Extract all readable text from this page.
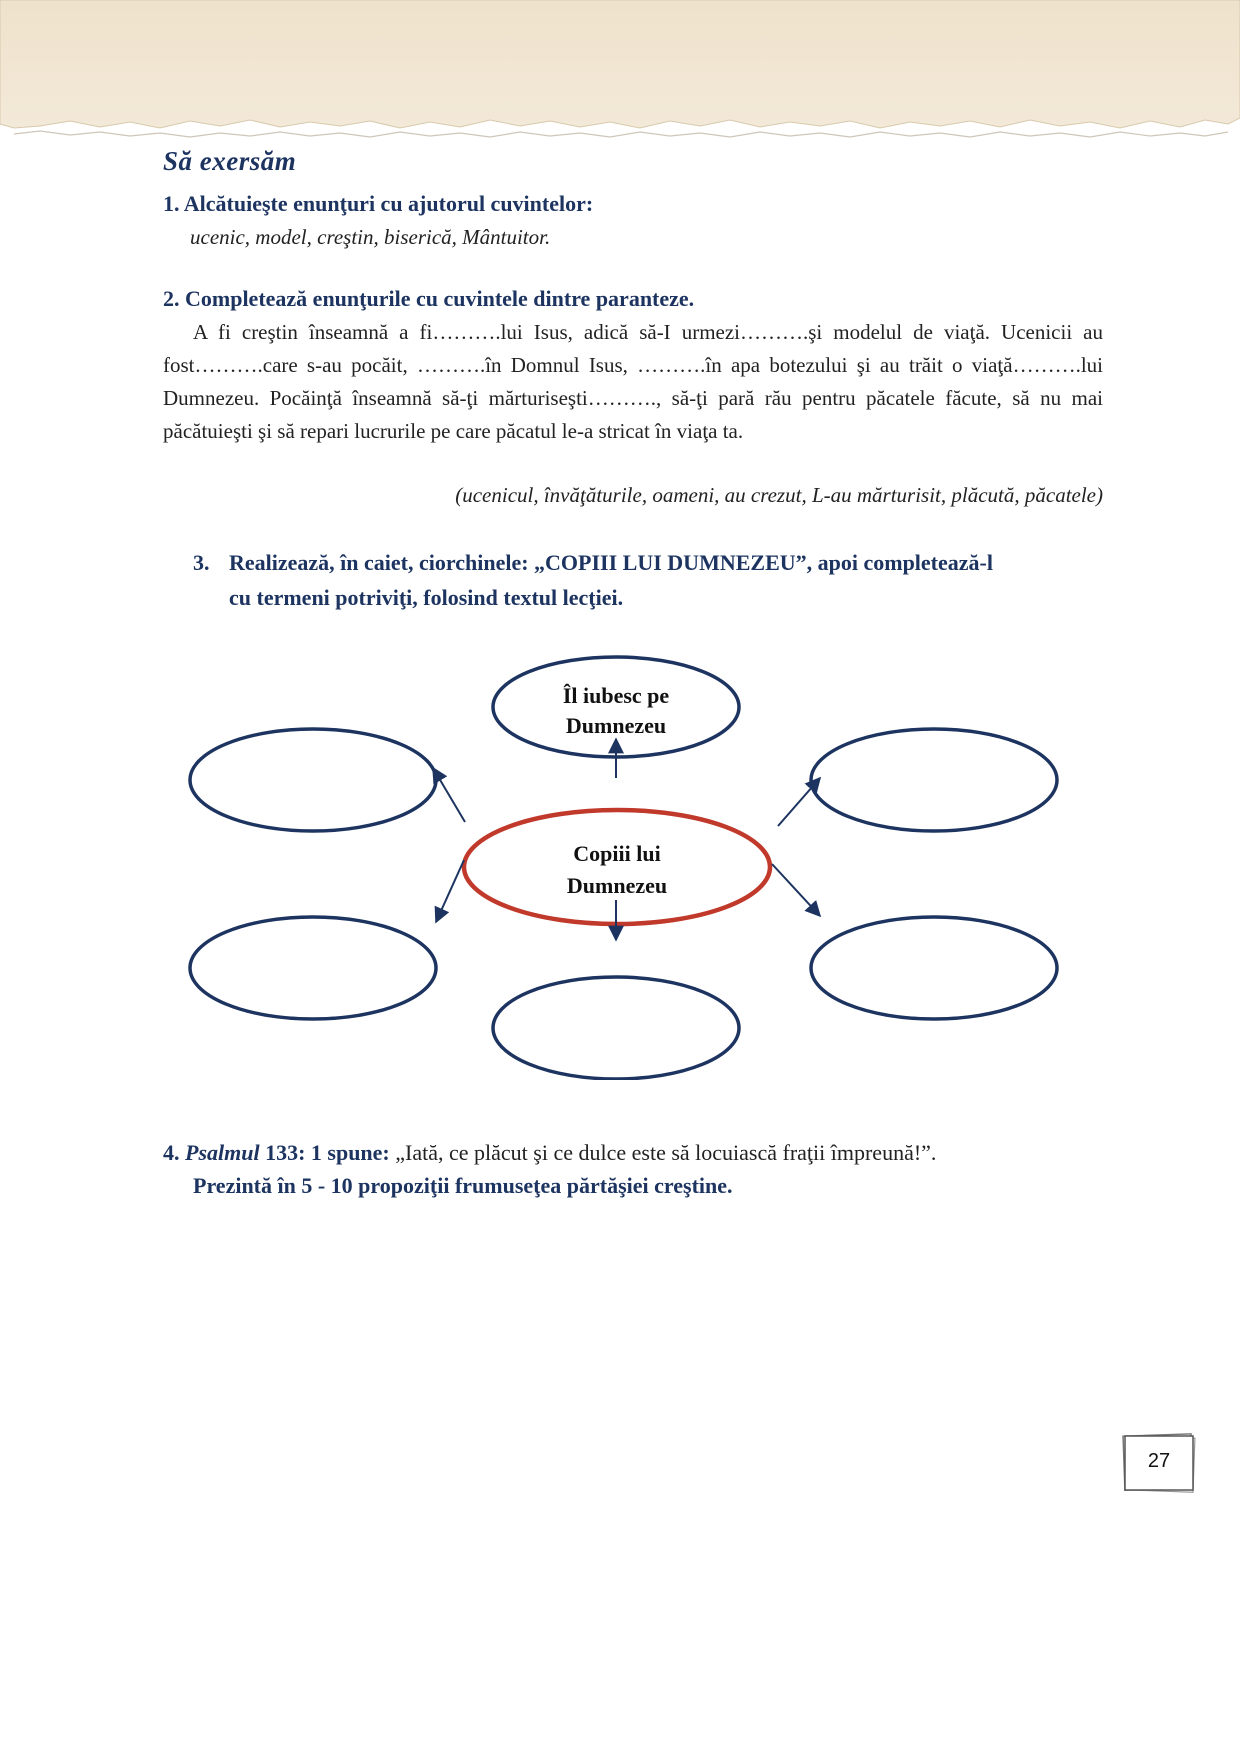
Să exersăm
1. Alcătuieşte enunţuri cu ajutorul cuvintelor:
ucenic, model, creştin, biserică, Mântuitor.
2. Completează enunţurile cu cuvintele dintre paranteze.
A fi creştin înseamnă a fi……….lui Isus, adică să-I urmezi……….şi modelul de viaţă. Ucenicii au fost……….care s-au pocăit, ……….în Domnul Isus, ……….în apa botezului şi au trăit o viaţă……….lui Dumnezeu. Pocăinţă înseamnă să-ţi mărturiseşti………., să-ţi pară rău pentru păcatele făcute, să nu mai păcătuieşti şi să repari lucrurile pe care păcatul le-a stricat în viaţa ta.
(ucenicul, învăţăturile, oameni, au crezut, L-au mărturisit, plăcută, păcatele)
3. Realizează, în caiet, ciorchinele: „COPIII LUI DUMNEZEU”, apoi completează-l
cu termeni potriviţi, folosind textul lecţiei.
Îl iubesc pe
Dumnezeu
Copiii lui
Dumnezeu
4. Psalmul 133: 1 spune: „Iată, ce plăcut şi ce dulce este să locuiască fraţii împreună!”.
Prezintă în 5 - 10 propoziţii frumuseţea părtăşiei creştine.
27
